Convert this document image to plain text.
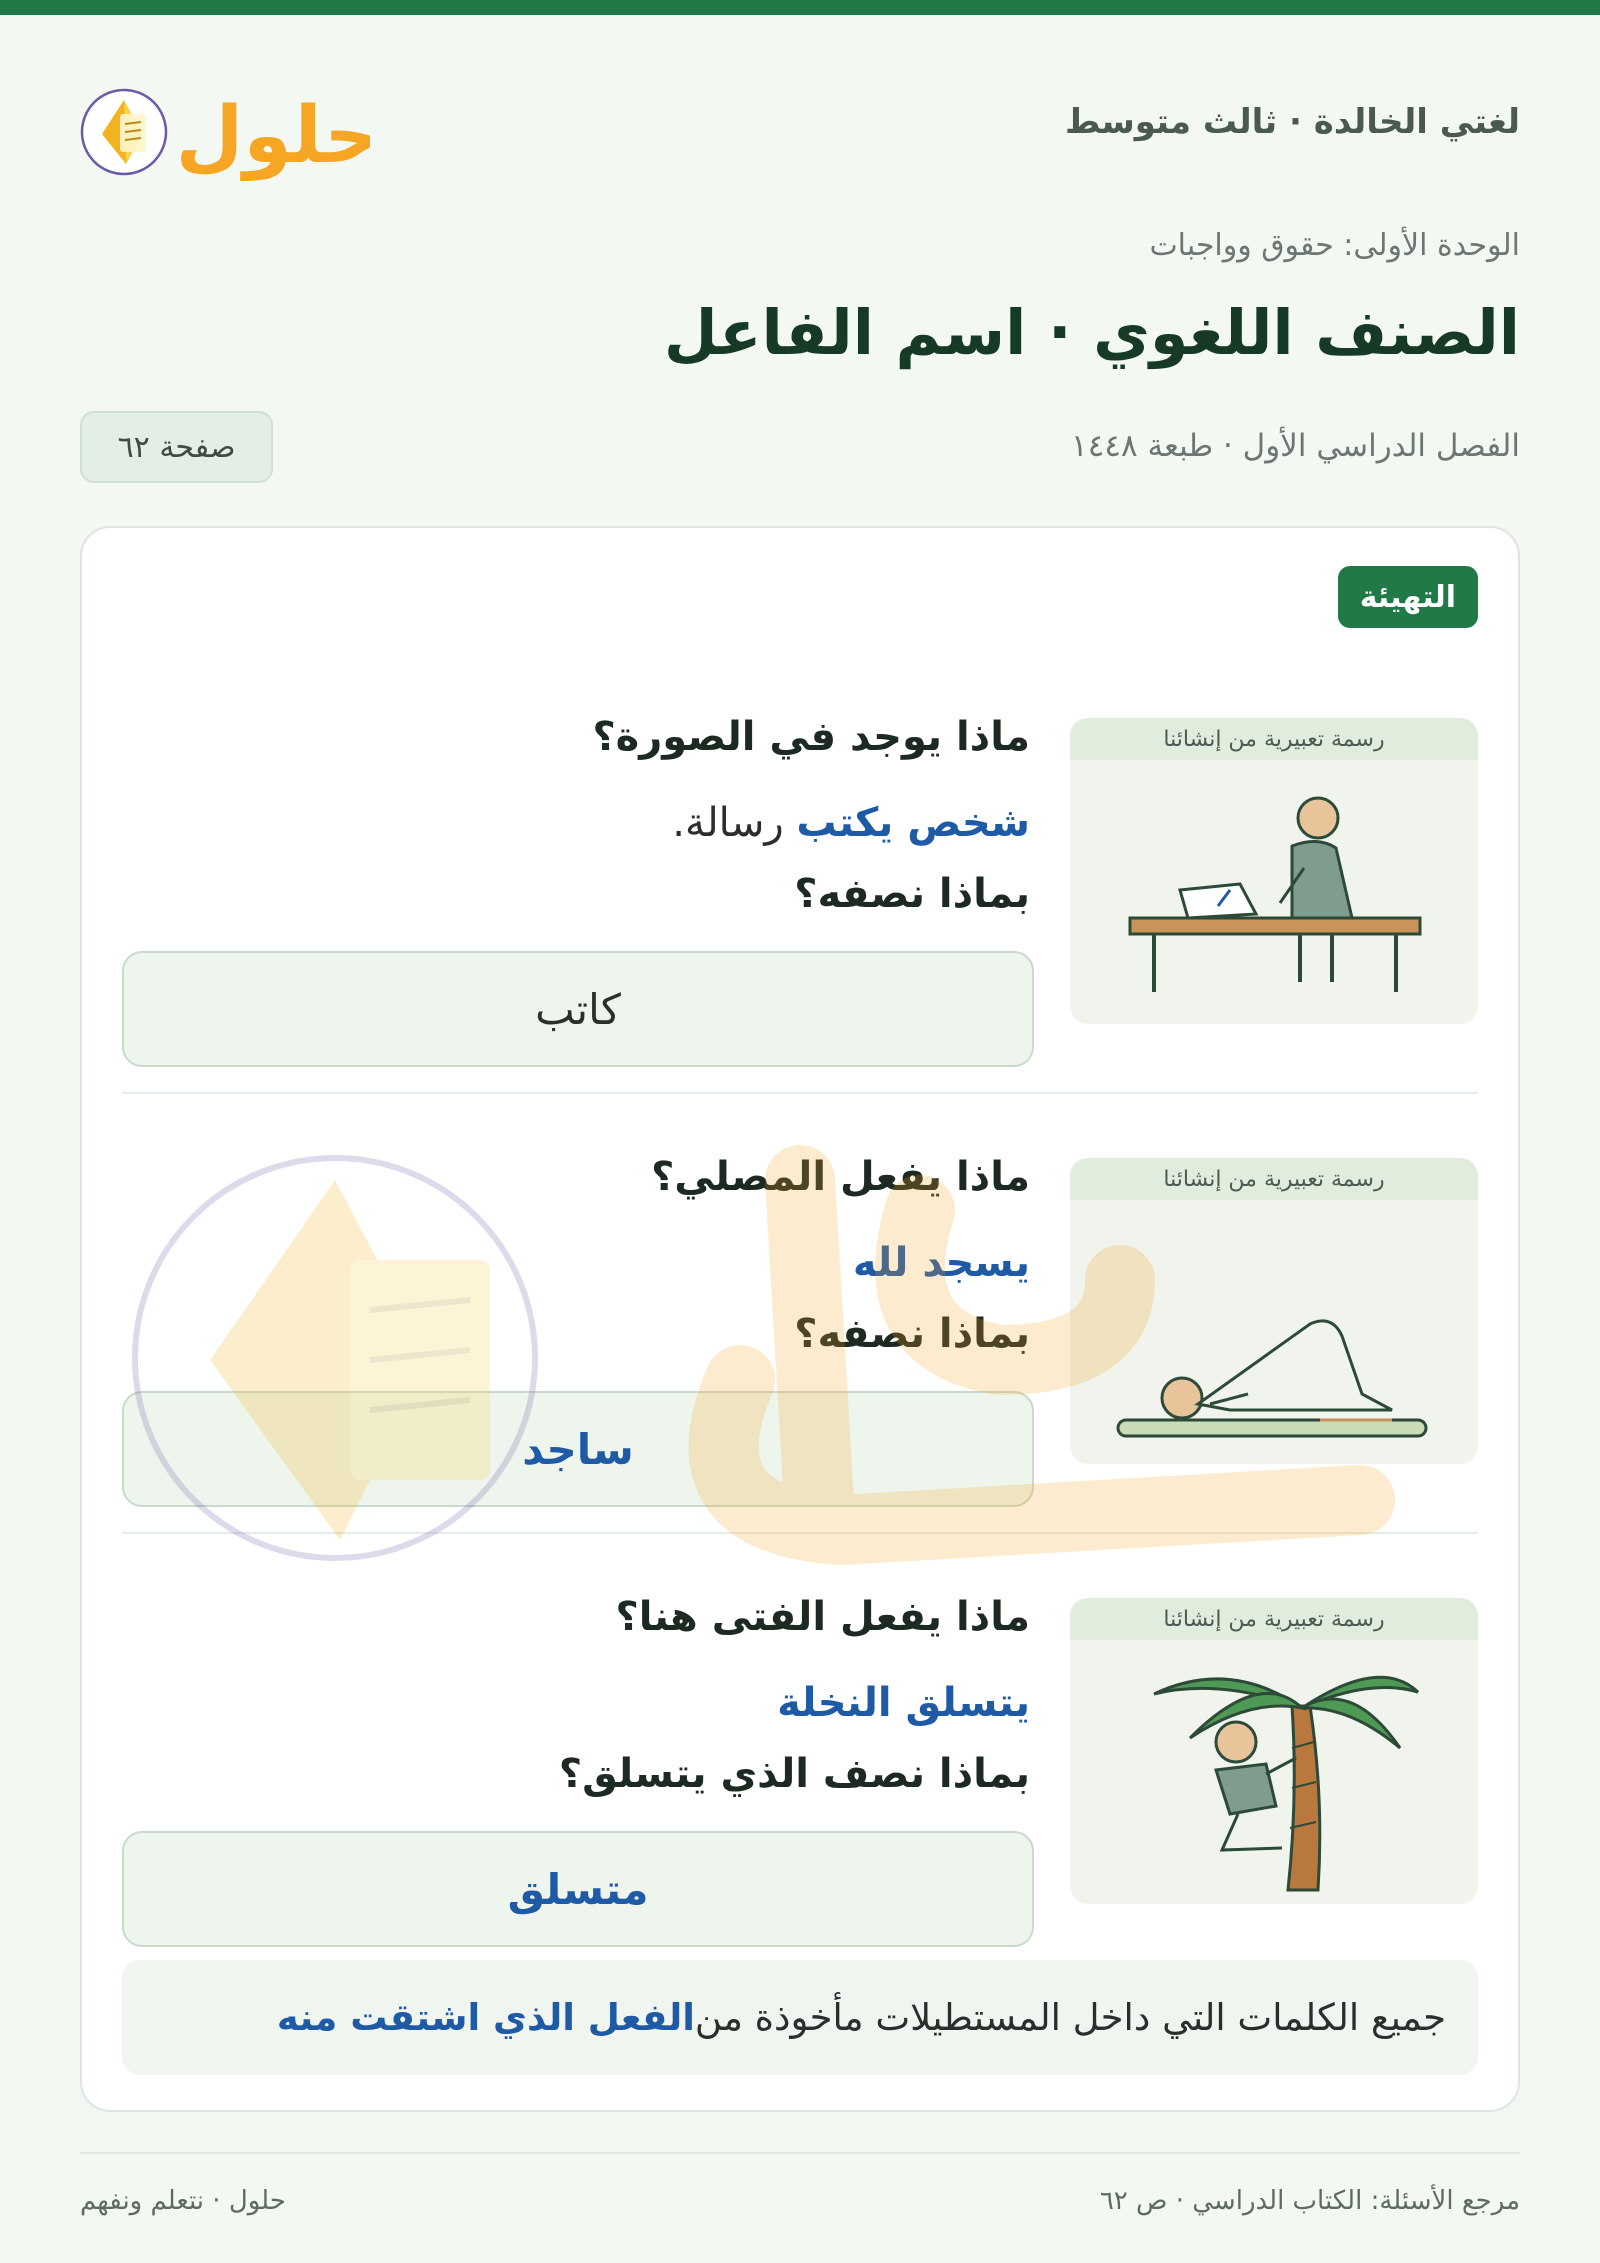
لغتي الخالدة · ثالث متوسط
حلول
الوحدة الأولى: حقوق وواجبات
الصنف اللغوي · اسم الفاعل
الفصل الدراسي الأول · طبعة ١٤٤٨
صفحة ٦٢
التهيئة
رسمة تعبيرية من إنشائنا
ماذا يوجد في الصورة؟
شخص يكتب رسالة.
بماذا نصفه؟
كاتب
رسمة تعبيرية من إنشائنا
ماذا يفعل المصلي؟
يسجد لله
بماذا نصفه؟
ساجد
رسمة تعبيرية من إنشائنا
ماذا يفعل الفتى هنا؟
يتسلق النخلة
بماذا نصف الذي يتسلق؟
متسلق
جميع الكلمات التي داخل المستطيلات مأخوذة من
الفعل الذي اشتقت منه
مرجع الأسئلة: الكتاب الدراسي · ص ٦٢
حلول · نتعلم ونفهم
